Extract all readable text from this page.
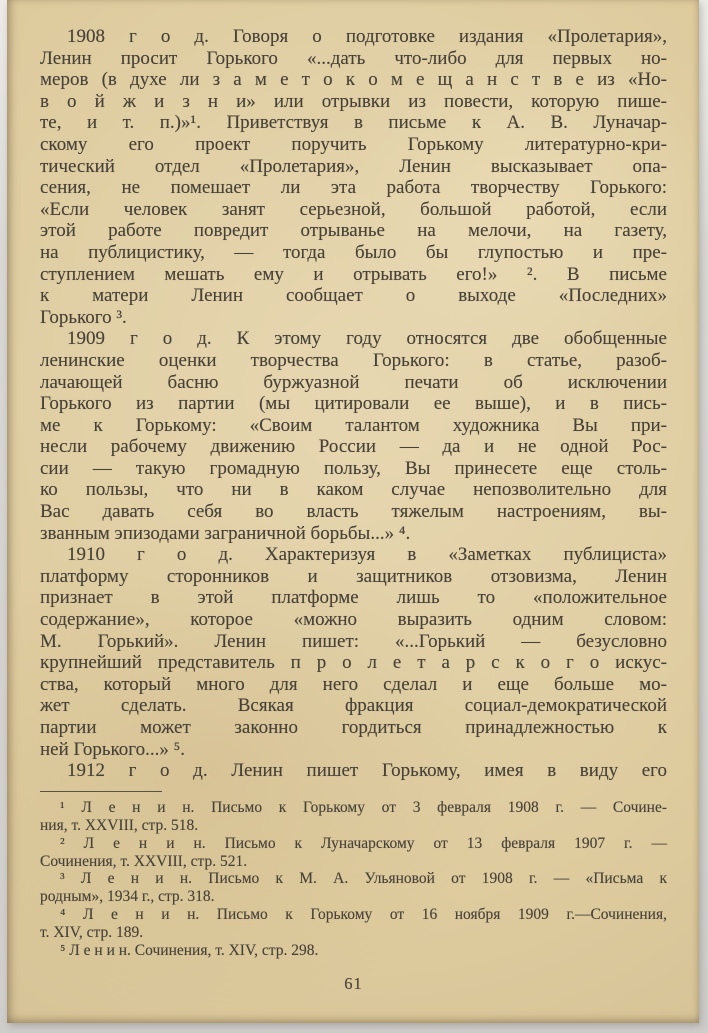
1908 г о д. Говоря о подготовке издания «Пролетария»,
Ленин просит Горького «...дать что-либо для первых но-
меров (в духе ли з а м е т о к о м е щ а н с т в е из «Но-
в о й ж и з н и» или отрывки из повести, которую пише-
те, и т. п.)»¹. Приветствуя в письме к А. В. Луначар-
скому его проект поручить Горькому литературно-кри-
тический отдел «Пролетария», Ленин высказывает опа-
сения, не помешает ли эта работа творчеству Горького:
«Если человек занят серьезной, большой работой, если
этой работе повредит отрыванье на мелочи, на газету,
на публицистику, — тогда было бы глупостью и пре-
ступлением мешать ему и отрывать его!» ². В письме
к матери Ленин сообщает о выходе «Последних»
Горького ³.
1909 г о д. К этому году относятся две обобщенные
ленинские оценки творчества Горького: в статье, разоб-
лачающей басню буржуазной печати об исключении
Горького из партии (мы цитировали ее выше), и в пись-
ме к Горькому: «Своим талантом художника Вы при-
несли рабочему движению России — да и не одной Рос-
сии — такую громадную пользу, Вы принесете еще столь-
ко пользы, что ни в каком случае непозволительно для
Вас давать себя во власть тяжелым настроениям, вы-
званным эпизодами заграничной борьбы...» ⁴.
1910 г о д. Характеризуя в «Заметках публициста»
платформу сторонников и защитников отзовизма, Ленин
признает в этой платформе лишь то «положительное
содержание», которое «можно выразить одним словом:
М. Горький». Ленин пишет: «...Горький — безусловно
крупнейший представитель п р о л е т а р с к о г о искус-
ства, который много для него сделал и еще больше мо-
жет сделать. Всякая фракция социал-демократической
партии может законно гордиться принадлежностью к
ней Горького...» ⁵.
1912 г о д. Ленин пишет Горькому, имея в виду его
¹ Л е н и н. Письмо к Горькому от 3 февраля 1908 г. — Сочине-
ния, т. XXVIII, стр. 518.
² Л е н и н. Письмо к Луначарскому от 13 февраля 1907 г. —
Сочинения, т. XXVIII, стр. 521.
³ Л е н и н. Письмо к М. А. Ульяновой от 1908 г. — «Письма к
родным», 1934 г., стр. 318.
⁴ Л е н и н. Письмо к Горькому от 16 ноября 1909 г.—Сочинения,
т. XIV, стр. 189.
⁵ Л е н и н. Сочинения, т. XIV, стр. 298.
61
